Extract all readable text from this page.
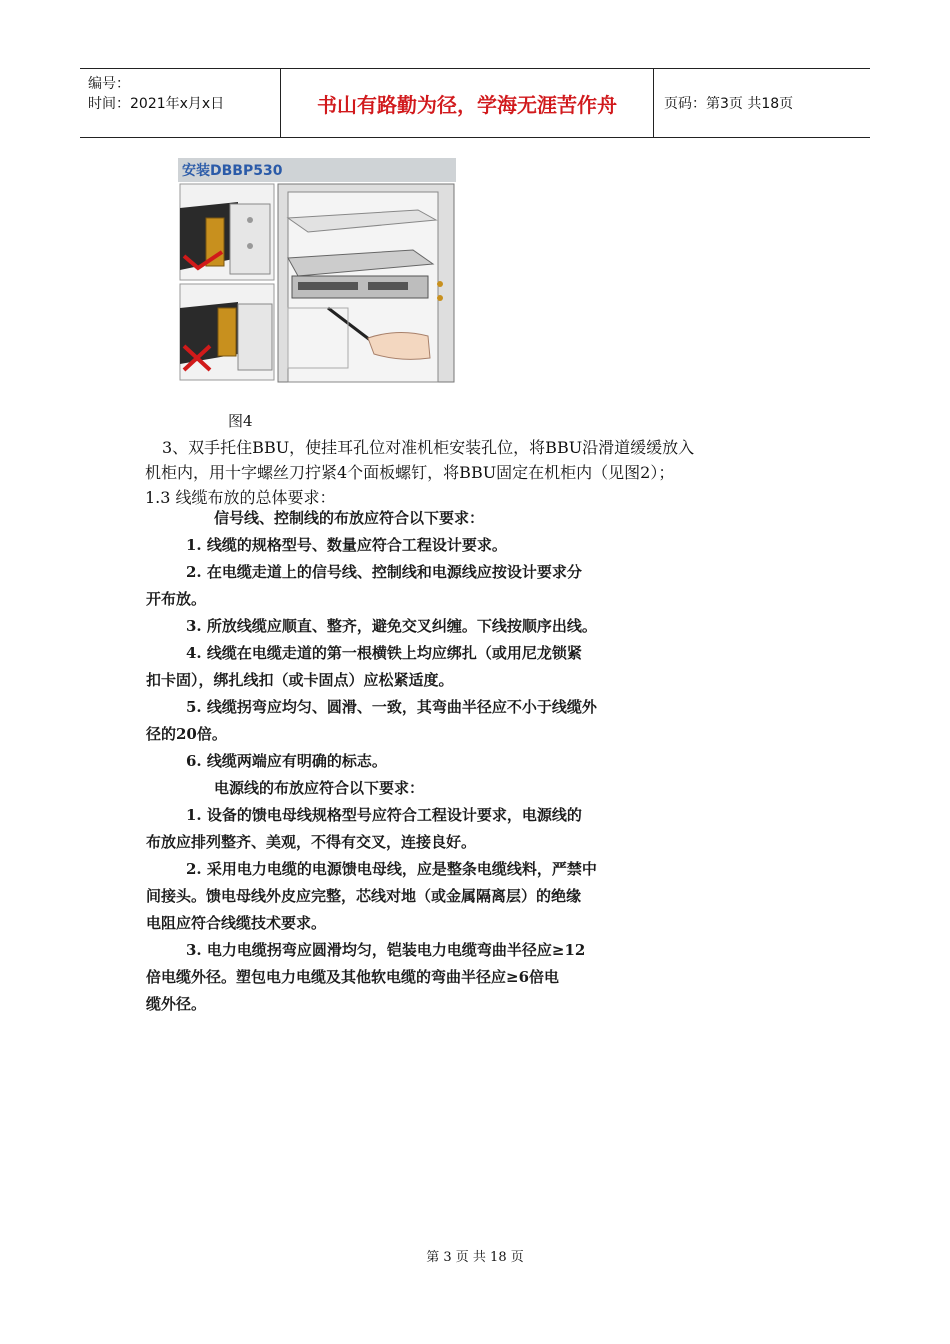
编号：
时间：2021年x月x日	书山有路勤为径，学海无涯苦作舟	页码：第3页 共18页
安装DBBP530
图4
3、双手托住BBU，使挂耳孔位对准机柜安装孔位，将BBU沿滑道缓缓放入
机柜内，用十字螺丝刀拧紧4个面板螺钉，将BBU固定在机柜内（见图2）；
1.3 线缆布放的总体要求：

信号线、控制线的布放应符合以下要求：

1. 线缆的规格型号、数量应符合工程设计要求。

2. 在电缆走道上的信号线、控制线和电源线应按设计要求分

开布放。

3. 所放线缆应顺直、整齐，避免交叉纠缠。下线按顺序出线。

4. 线缆在电缆走道的第一根横铁上均应绑扎（或用尼龙锁紧

扣卡固），绑扎线扣（或卡固点）应松紧适度。

5. 线缆拐弯应均匀、圆滑、一致，其弯曲半径应不小于线缆外

径的20倍。

6. 线缆两端应有明确的标志。

电源线的布放应符合以下要求：

1. 设备的馈电母线规格型号应符合工程设计要求，电源线的

布放应排列整齐、美观，不得有交叉，连接良好。

2. 采用电力电缆的电源馈电母线，应是整条电缆线料，严禁中

间接头。馈电母线外皮应完整，芯线对地（或金属隔离层）的绝缘

电阻应符合线缆技术要求。

3. 电力电缆拐弯应圆滑均匀，铠装电力电缆弯曲半径应≥12

倍电缆外径。塑包电力电缆及其他软电缆的弯曲半径应≥6倍电

缆外径。

第 3 页 共 18 页
